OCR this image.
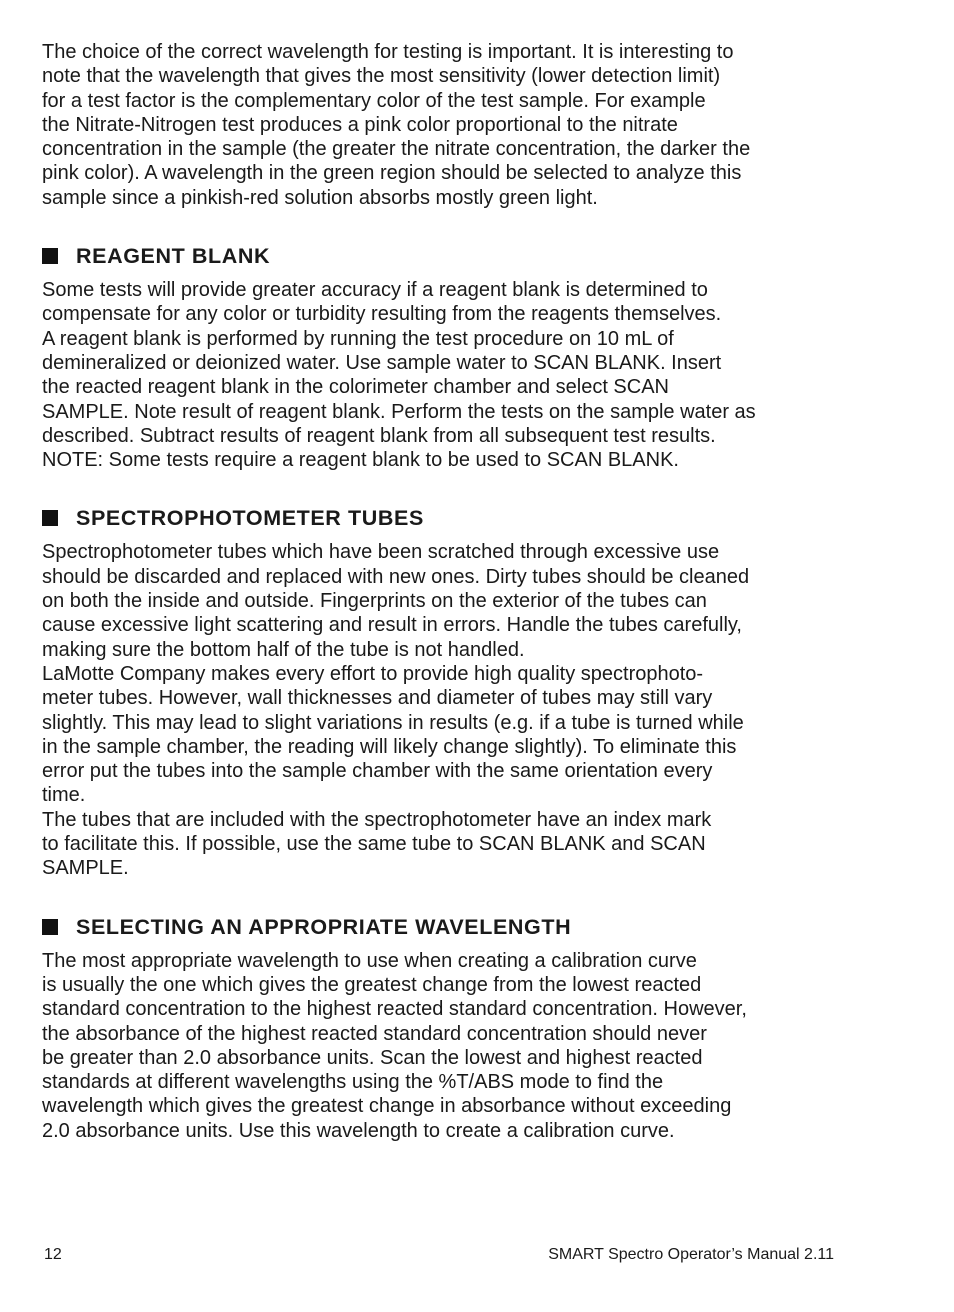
The choice of the correct wavelength for testing is important. It is interesting to
note that the wavelength that gives the most sensitivity (lower detection limit)
for a test factor is the complementary color of the test sample. For example
the Nitrate-Nitrogen test produces a pink color proportional to the nitrate
concentration in the sample (the greater the nitrate concentration, the darker the
pink color). A wavelength in the green region should be selected to analyze this
sample since a pinkish-red solution absorbs mostly green light.

REAGENT BLANK

Some tests will provide greater accuracy if a reagent blank is determined to
compensate for any color or turbidity resulting from the reagents themselves.
A reagent blank is performed by running the test procedure on 10 mL of
demineralized or deionized water. Use sample water to SCAN BLANK. Insert
the reacted reagent blank in the colorimeter chamber and select SCAN
SAMPLE. Note result of reagent blank. Perform the tests on the sample water as
described. Subtract results of reagent blank from all subsequent test results.

NOTE: Some tests require a reagent blank to be used to SCAN BLANK.

SPECTROPHOTOMETER TUBES

Spectrophotometer tubes which have been scratched through excessive use
should be discarded and replaced with new ones. Dirty tubes should be cleaned
on both the inside and outside. Fingerprints on the exterior of the tubes can
cause excessive light scattering and result in errors. Handle the tubes carefully,
making sure the bottom half of the tube is not handled.

LaMotte Company makes every effort to provide high quality spectrophoto-

meter tubes. However, wall thicknesses and diameter of tubes may still vary
slightly. This may lead to slight variations in results (e.g. if a tube is turned while
in the sample chamber, the reading will likely change slightly). To eliminate this
error put the tubes into the sample chamber with the same orientation every
time.

The tubes that are included with the spectrophotometer have an index mark
to facilitate this. If possible, use the same tube to SCAN BLANK and SCAN
SAMPLE.

SELECTING AN APPROPRIATE WAVELENGTH

The most appropriate wavelength to use when creating a calibration curve
is usually the one which gives the greatest change from the lowest reacted
standard concentration to the highest reacted standard concentration. However,
the absorbance of the highest reacted standard concentration should never
be greater than 2.0 absorbance units. Scan the lowest and highest reacted
standards at different wavelengths using the %T/ABS mode to find the
wavelength which gives the greatest change in absorbance without exceeding
2.0 absorbance units. Use this wavelength to create a calibration curve.

12	SMART Spectro Operator’s Manual 2.11
